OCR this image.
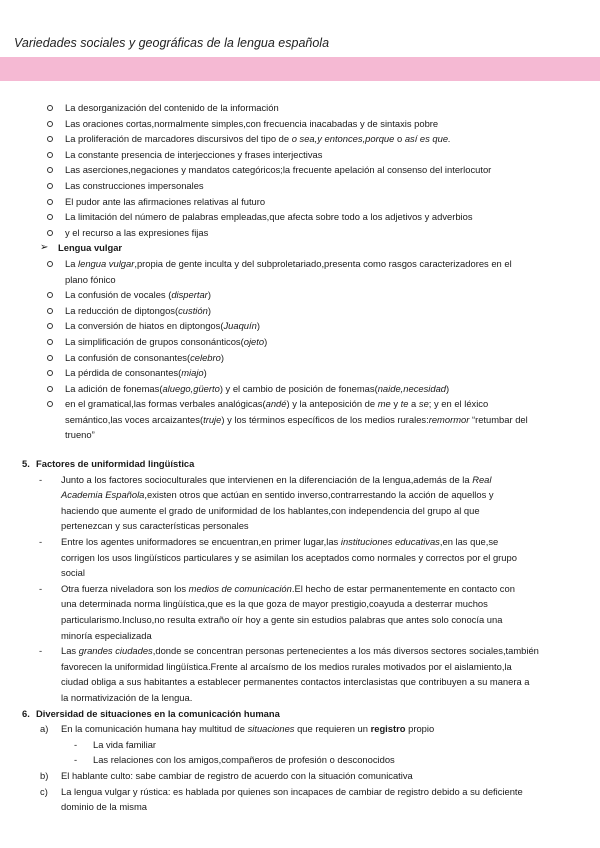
Variedades sociales y geográficas de la lengua española
La desorganización del contenido de la información
Las oraciones cortas,normalmente simples,con frecuencia inacabadas y de sintaxis pobre
La proliferación de marcadores discursivos del tipo de o sea,y entonces,porque o así es que.
La constante presencia de interjecciones y frases interjectivas
Las aserciones,negaciones y mandatos categóricos;la frecuente apelación al consenso del interlocutor
Las construcciones impersonales
El pudor ante las afirmaciones relativas al futuro
La limitación del número de palabras empleadas,que afecta sobre todo a los adjetivos y adverbios
y el recurso a las expresiones fijas
➢ Lengua vulgar
La lengua vulgar,propia de gente inculta y del subproletariado,presenta como rasgos caracterizadores en el
plano fónico
La confusión de vocales (dispertar)
La reducción de diptongos(custión)
La conversión de hiatos en diptongos(Juaquín)
La simplificación de grupos consonánticos(ojeto)
La confusión de consonantes(celebro)
La pérdida de consonantes(miajo)
La adición de fonemas(aluego,güerto) y el cambio de posición de fonemas(naide,necesidad)
en el gramatical,las formas verbales analógicas(andé) y la anteposición de me y te a se; y en el léxico
semántico,las voces arcaizantes(truje) y los términos específicos de los medios rurales:remormor “retumbar del
trueno”
5. Factores de uniformidad lingüística
- Junto a los factores socioculturales que intervienen en la diferenciación de la lengua,además de la Real
Academia Española,existen otros que actúan en sentido inverso,contrarrestando la acción de aquellos y
haciendo que aumente el grado de uniformidad de los hablantes,con independencia del grupo al que
pertenezcan y sus características personales
- Entre los agentes uniformadores se encuentran,en primer lugar,las instituciones educativas,en las que,se
corrigen los usos lingüísticos particulares y se asimilan los aceptados como normales y correctos por el grupo
social
- Otra fuerza niveladora son los medios de comunicación.El hecho de estar permanentemente en contacto con
una determinada norma lingüística,que es la que goza de mayor prestigio,coayuda a desterrar muchos
particularismo.Incluso,no resulta extraño oír hoy a gente sin estudios palabras que antes solo conocía una
minoría especializada
- Las grandes ciudades,donde se concentran personas pertenecientes a los más diversos sectores sociales,también
favorecen la uniformidad lingüística.Frente al arcaísmo de los medios rurales motivados por el aislamiento,la
ciudad obliga a sus habitantes a establecer permanentes contactos interclasistas que contribuyen a su manera a
la normativización de la lengua.
6. Diversidad de situaciones en la comunicación humana
a) En la comunicación humana hay multitud de situaciones que requieren un registro propio
- La vida familiar
- Las relaciones con los amigos,compañeros de profesión o desconocidos
b) El hablante culto: sabe cambiar de registro de acuerdo con la situación comunicativa
c) La lengua vulgar y rústica: es hablada por quienes son incapaces de cambiar de registro debido a su deficiente
dominio de la misma
